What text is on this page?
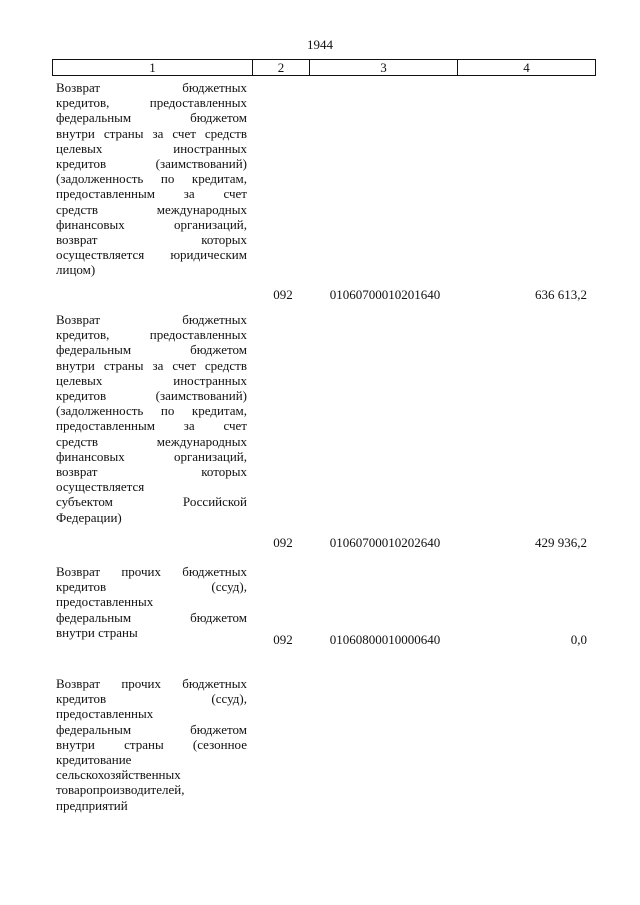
1944
1	2	3	4
Возврат бюджетных
кредитов, предоставленных
федеральным бюджетом
внутри страны за счет средств
целевых иностранных
кредитов (заимствований)
(задолженность по кредитам,
предоставленным за счет
средств международных
финансовых организаций,
возврат которых
осуществляется юридическим
лицом)
092	01060700010201640	636 613,2
Возврат бюджетных
кредитов, предоставленных
федеральным бюджетом
внутри страны за счет средств
целевых иностранных
кредитов (заимствований)
(задолженность по кредитам,
предоставленным за счет
средств международных
финансовых организаций,
возврат которых
осуществляется
субъектом Российской
Федерации)
092	01060700010202640	429 936,2
Возврат прочих бюджетных
кредитов (ссуд),
предоставленных
федеральным бюджетом
внутри страны	092	01060800010000640	0,0
Возврат прочих бюджетных
кредитов (ссуд),
предоставленных
федеральным бюджетом
внутри страны (сезонное
кредитование
сельскохозяйственных
товаропроизводителей,
предприятий
